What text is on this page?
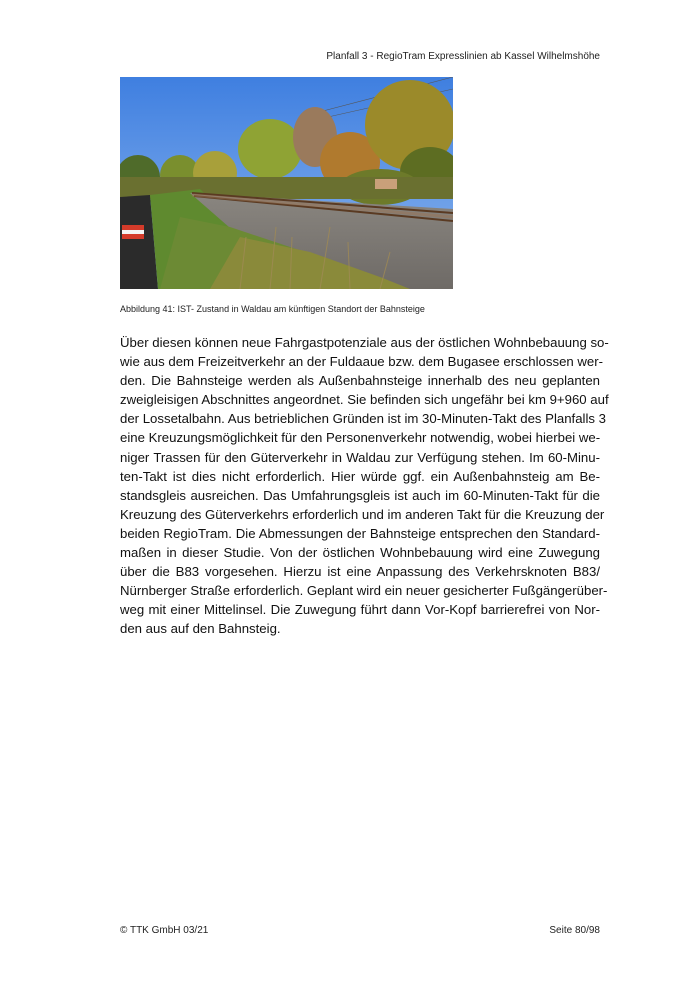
Planfall 3 - RegioTram Expresslinien ab Kassel Wilhelmshöhe
Abbildung 41: IST- Zustand in Waldau am künftigen Standort der Bahnsteige
Über diesen können neue Fahrgastpotenziale aus der östlichen Wohnbebauung so-
wie aus dem Freizeitverkehr an der Fuldaaue bzw. dem Bugasee erschlossen wer-
den. Die Bahnsteige werden als Außenbahnsteige innerhalb des neu geplanten
zweigleisigen Abschnittes angeordnet. Sie befinden sich ungefähr bei km 9+960 auf
der Lossetalbahn. Aus betrieblichen Gründen ist im 30-Minuten-Takt des Planfalls 3
eine Kreuzungsmöglichkeit für den Personenverkehr notwendig, wobei hierbei we-
niger Trassen für den Güterverkehr in Waldau zur Verfügung stehen. Im 60-Minu-
ten-Takt ist dies nicht erforderlich. Hier würde ggf. ein Außenbahnsteig am Be-
standsgleis ausreichen. Das Umfahrungsgleis ist auch im 60-Minuten-Takt für die
Kreuzung des Güterverkehrs erforderlich und im anderen Takt für die Kreuzung der
beiden RegioTram. Die Abmessungen der Bahnsteige entsprechen den Standard-
maßen in dieser Studie. Von der östlichen Wohnbebauung wird eine Zuwegung
über die B83 vorgesehen. Hierzu ist eine Anpassung des Verkehrsknoten B83/
Nürnberger Straße erforderlich. Geplant wird ein neuer gesicherter Fußgängerüber-
weg mit einer Mittelinsel. Die Zuwegung führt dann Vor-Kopf barrierefrei von Nor-
den aus auf den Bahnsteig.
© TTK GmbH 03/21	Seite 80/98
